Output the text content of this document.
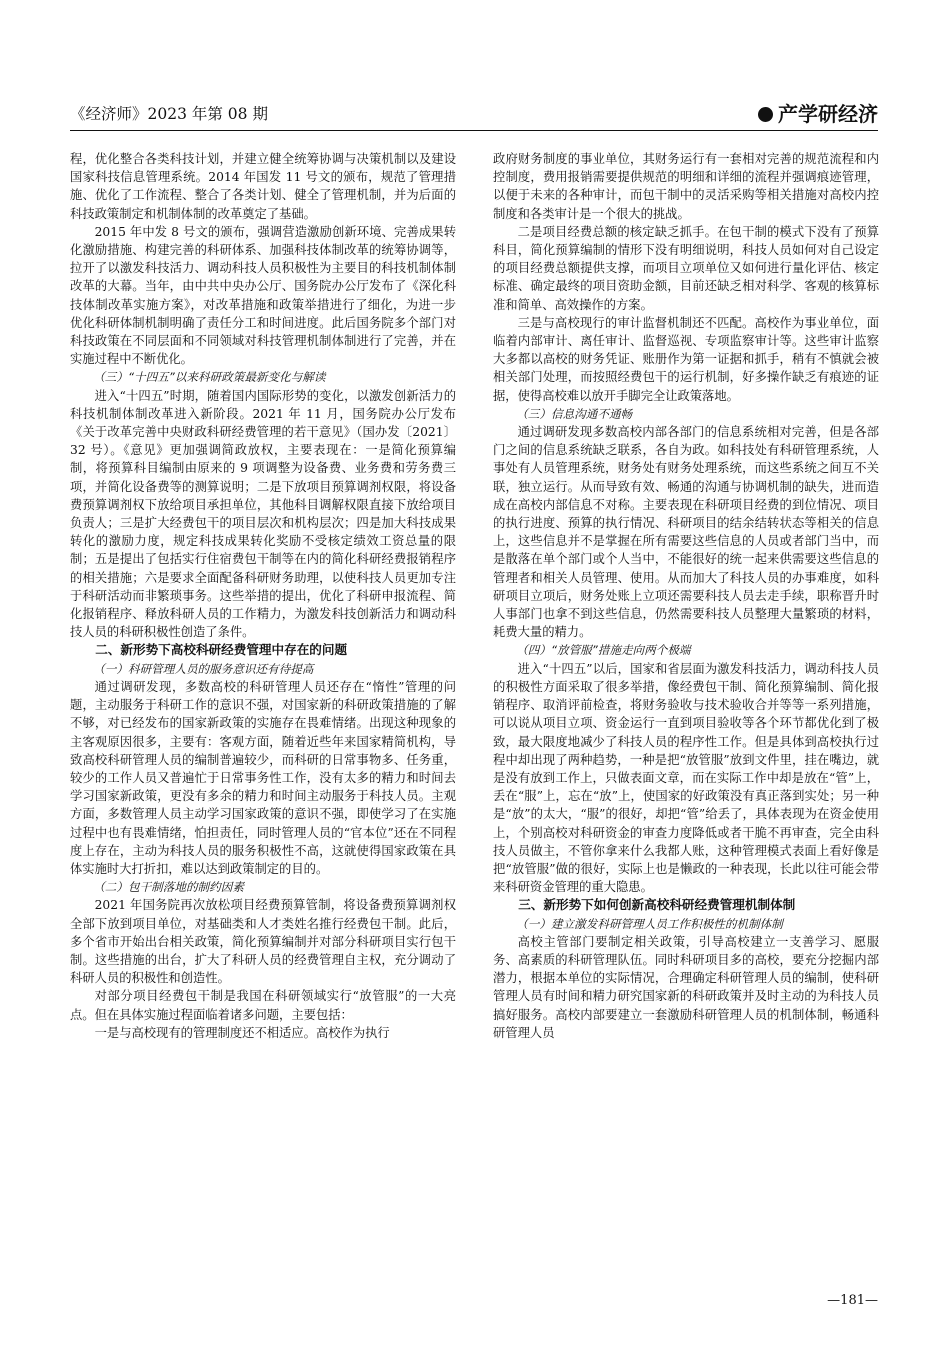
《经济师》2023 年第 08 期	产学研经济

程，优化整合各类科技计划，并建立健全统筹协调与决策机制以及建设国家科技信息管理系统。2014 年国发 11 号文的颁布，规范了管理措施、优化了工作流程、整合了各类计划、健全了管理机制，并为后面的科技政策制定和机制体制的改革奠定了基础。

2015 年中发 8 号文的颁布，强调营造激励创新环境、完善成果转化激励措施、构建完善的科研体系、加强科技体制改革的统筹协调等，拉开了以激发科技活力、调动科技人员积极性为主要目的科技机制体制改革的大幕。当年，由中共中央办公厅、国务院办公厅发布了《深化科技体制改革实施方案》，对改革措施和政策举措进行了细化，为进一步优化科研体制机制明确了责任分工和时间进度。此后国务院多个部门对科技政策在不同层面和不同领域对科技管理机制体制进行了完善，并在实施过程中不断优化。

（三）“十四五”以来科研政策最新变化与解读

进入“十四五”时期，随着国内国际形势的变化，以激发创新活力的科技机制体制改革进入新阶段。2021 年 11 月，国务院办公厅发布《关于改革完善中央财政科研经费管理的若干意见》（国办发〔2021〕32 号）。《意见》更加强调简政放权，主要表现在：一是简化预算编制，将预算科目编制由原来的 9 项调整为设备费、业务费和劳务费三项，并简化设备费等的测算说明；二是下放项目预算调剂权限，将设备费预算调剂权下放给项目承担单位，其他科目调解权限直接下放给项目负责人；三是扩大经费包干的项目层次和机构层次；四是加大科技成果转化的激励力度，规定科技成果转化奖励不受核定绩效工资总量的限制；五是提出了包括实行住宿费包干制等在内的简化科研经费报销程序的相关措施；六是要求全面配备科研财务助理，以使科技人员更加专注于科研活动而非繁琐事务。这些举措的提出，优化了科研申报流程、简化报销程序、释放科研人员的工作精力，为激发科技创新活力和调动科技人员的科研积极性创造了条件。

二、新形势下高校科研经费管理中存在的问题
（一）科研管理人员的服务意识还有待提高

通过调研发现，多数高校的科研管理人员还存在“惰性”管理的问题，主动服务于科研工作的意识不强，对国家新的科研政策措施的了解不够，对已经发布的国家新政策的实施存在畏难情绪。出现这种现象的主客观原因很多，主要有：客观方面，随着近些年来国家精简机构，导致高校科研管理人员的编制普遍较少，而科研的日常事物多、任务重，较少的工作人员又普遍忙于日常事务性工作，没有太多的精力和时间去学习国家新政策，更没有多余的精力和时间主动服务于科技人员。主观方面，多数管理人员主动学习国家政策的意识不强，即使学习了在实施过程中也有畏难情绪，怕担责任，同时管理人员的“官本位”还在不同程度上存在，主动为科技人员的服务积极性不高，这就使得国家政策在具体实施时大打折扣，难以达到政策制定的目的。

（二）包干制落地的制约因素

2021 年国务院再次放松项目经费预算管制，将设备费预算调剂权全部下放到项目单位，对基础类和人才类姓名推行经费包干制。此后，多个省市开始出台相关政策，简化预算编制并对部分科研项目实行包干制。这些措施的出台，扩大了科研人员的经费管理自主权，充分调动了科研人员的积极性和创造性。

对部分项目经费包干制是我国在科研领域实行“放管服”的一大亮点。但在具体实施过程面临着诸多问题，主要包括：

一是与高校现有的管理制度还不相适应。高校作为执行

政府财务制度的事业单位，其财务运行有一套相对完善的规范流程和内控制度，费用报销需要提供规范的明细和详细的流程并强调痕迹管理，以便于未来的各种审计，而包干制中的灵活采购等相关措施对高校内控制度和各类审计是一个很大的挑战。

二是项目经费总额的核定缺乏抓手。在包干制的模式下没有了预算科目，简化预算编制的情形下没有明细说明，科技人员如何对自己设定的项目经费总额提供支撑，而项目立项单位又如何进行量化评估、核定标准、确定最终的项目资助金额，目前还缺乏相对科学、客观的核算标准和简单、高效操作的方案。

三是与高校现行的审计监督机制还不匹配。高校作为事业单位，面临着内部审计、离任审计、监督巡视、专项监察审计等。这些审计监察大多都以高校的财务凭证、账册作为第一证据和抓手，稍有不慎就会被相关部门处理，而按照经费包干的运行机制，好多操作缺乏有痕迹的证据，使得高校难以放开手脚完全让政策落地。

（三）信息沟通不通畅

通过调研发现多数高校内部各部门的信息系统相对完善，但是各部门之间的信息系统缺乏联系，各自为政。如科技处有科研管理系统，人事处有人员管理系统，财务处有财务处理系统，而这些系统之间互不关联，独立运行。从而导致有效、畅通的沟通与协调机制的缺失，进而造成在高校内部信息不对称。主要表现在科研项目经费的到位情况、项目的执行进度、预算的执行情况、科研项目的结余结转状态等相关的信息上，这些信息并不是掌握在所有需要这些信息的人员或者部门当中，而是散落在单个部门或个人当中，不能很好的统一起来供需要这些信息的管理者和相关人员管理、使用。从而加大了科技人员的办事难度，如科研项目立项后，财务处账上立项还需要科技人员去走手续，职称晋升时人事部门也拿不到这些信息，仍然需要科技人员整理大量繁琐的材料，耗费大量的精力。

（四）“放管服”措施走向两个极端

进入“十四五”以后，国家和省层面为激发科技活力，调动科技人员的积极性方面采取了很多举措，像经费包干制、简化预算编制、简化报销程序、取消评前检查，将财务验收与技术验收合并等等一系列措施，可以说从项目立项、资金运行一直到项目验收等各个环节都优化到了极致，最大限度地减少了科技人员的程序性工作。但是具体到高校执行过程中却出现了两种趋势，一种是把“放管服”放到文件里，挂在嘴边，就是没有放到工作上，只做表面文章，而在实际工作中却是放在“管”上，丢在“服”上，忘在“放”上，使国家的好政策没有真正落到实处；另一种是“放”的太大，“服”的很好，却把“管”给丢了，具体表现为在资金使用上，个别高校对科研资金的审查力度降低或者干脆不再审查，完全由科技人员做主，不管你拿来什么我都人账，这种管理模式表面上看好像是把“放管服”做的很好，实际上也是懒政的一种表现，长此以往可能会带来科研资金管理的重大隐患。

三、新形势下如何创新高校科研经费管理机制体制
（一）建立激发科研管理人员工作积极性的机制体制

高校主管部门要制定相关政策，引导高校建立一支善学习、愿服务、高素质的科研管理队伍。同时科研项目多的高校，要充分挖掘内部潜力，根据本单位的实际情况，合理确定科研管理人员的编制，使科研管理人员有时间和精力研究国家新的科研政策并及时主动的为科技人员搞好服务。高校内部要建立一套激励科研管理人员的机制体制，畅通科研管理人员

—181—
